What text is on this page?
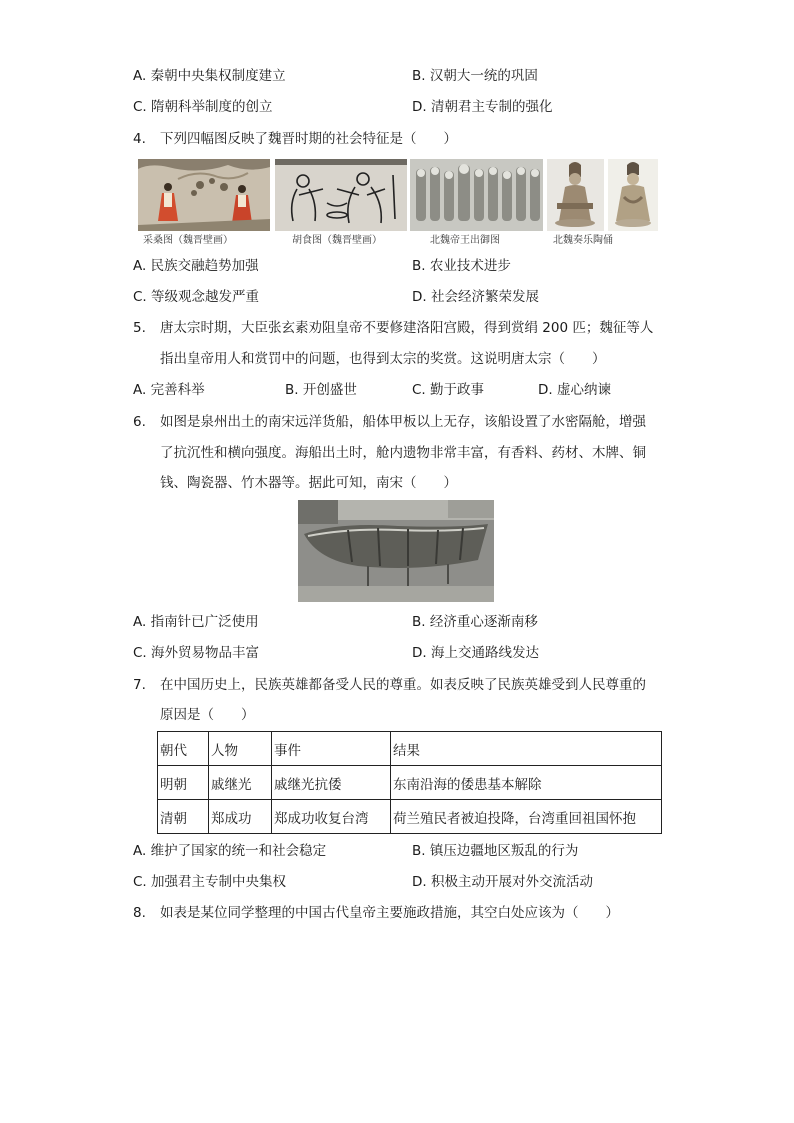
A. 秦朝中央集权制度建立	B. 汉朝大一统的巩固
C. 隋朝科举制度的创立	D. 清朝君主专制的强化
4. 下列四幅图反映了魏晋时期的社会特征是（　　）
采桑图（魏晋壁画）	胡食图（魏晋壁画）	北魏帝王出御图	北魏奏乐陶俑
A. 民族交融趋势加强	B. 农业技术进步
C. 等级观念越发严重	D. 社会经济繁荣发展
5. 唐太宗时期，大臣张玄素劝阻皇帝不要修建洛阳宫殿，得到赏绢 200 匹；魏征等人
指出皇帝用人和赏罚中的问题，也得到太宗的奖赏。这说明唐太宗（　　）
A. 完善科举	B. 开创盛世	C. 勤于政事	D. 虚心纳谏
6. 如图是泉州出土的南宋远洋货船，船体甲板以上无存，该船设置了水密隔舱，增强
了抗沉性和横向强度。海船出土时，舱内遗物非常丰富，有香料、药材、木牌、铜
钱、陶瓷器、竹木器等。据此可知，南宋（　　）
A. 指南针已广泛使用	B. 经济重心逐渐南移
C. 海外贸易物品丰富	D. 海上交通路线发达
7. 在中国历史上，民族英雄都备受人民的尊重。如表反映了民族英雄受到人民尊重的
原因是（　　）
朝代	人物	事件	结果
明朝	戚继光	戚继光抗倭	东南沿海的倭患基本解除
清朝	郑成功	郑成功收复台湾	荷兰殖民者被迫投降，台湾重回祖国怀抱
A. 维护了国家的统一和社会稳定	B. 镇压边疆地区叛乱的行为
C. 加强君主专制中央集权	D. 积极主动开展对外交流活动
8. 如表是某位同学整理的中国古代皇帝主要施政措施，其空白处应该为（　　）
